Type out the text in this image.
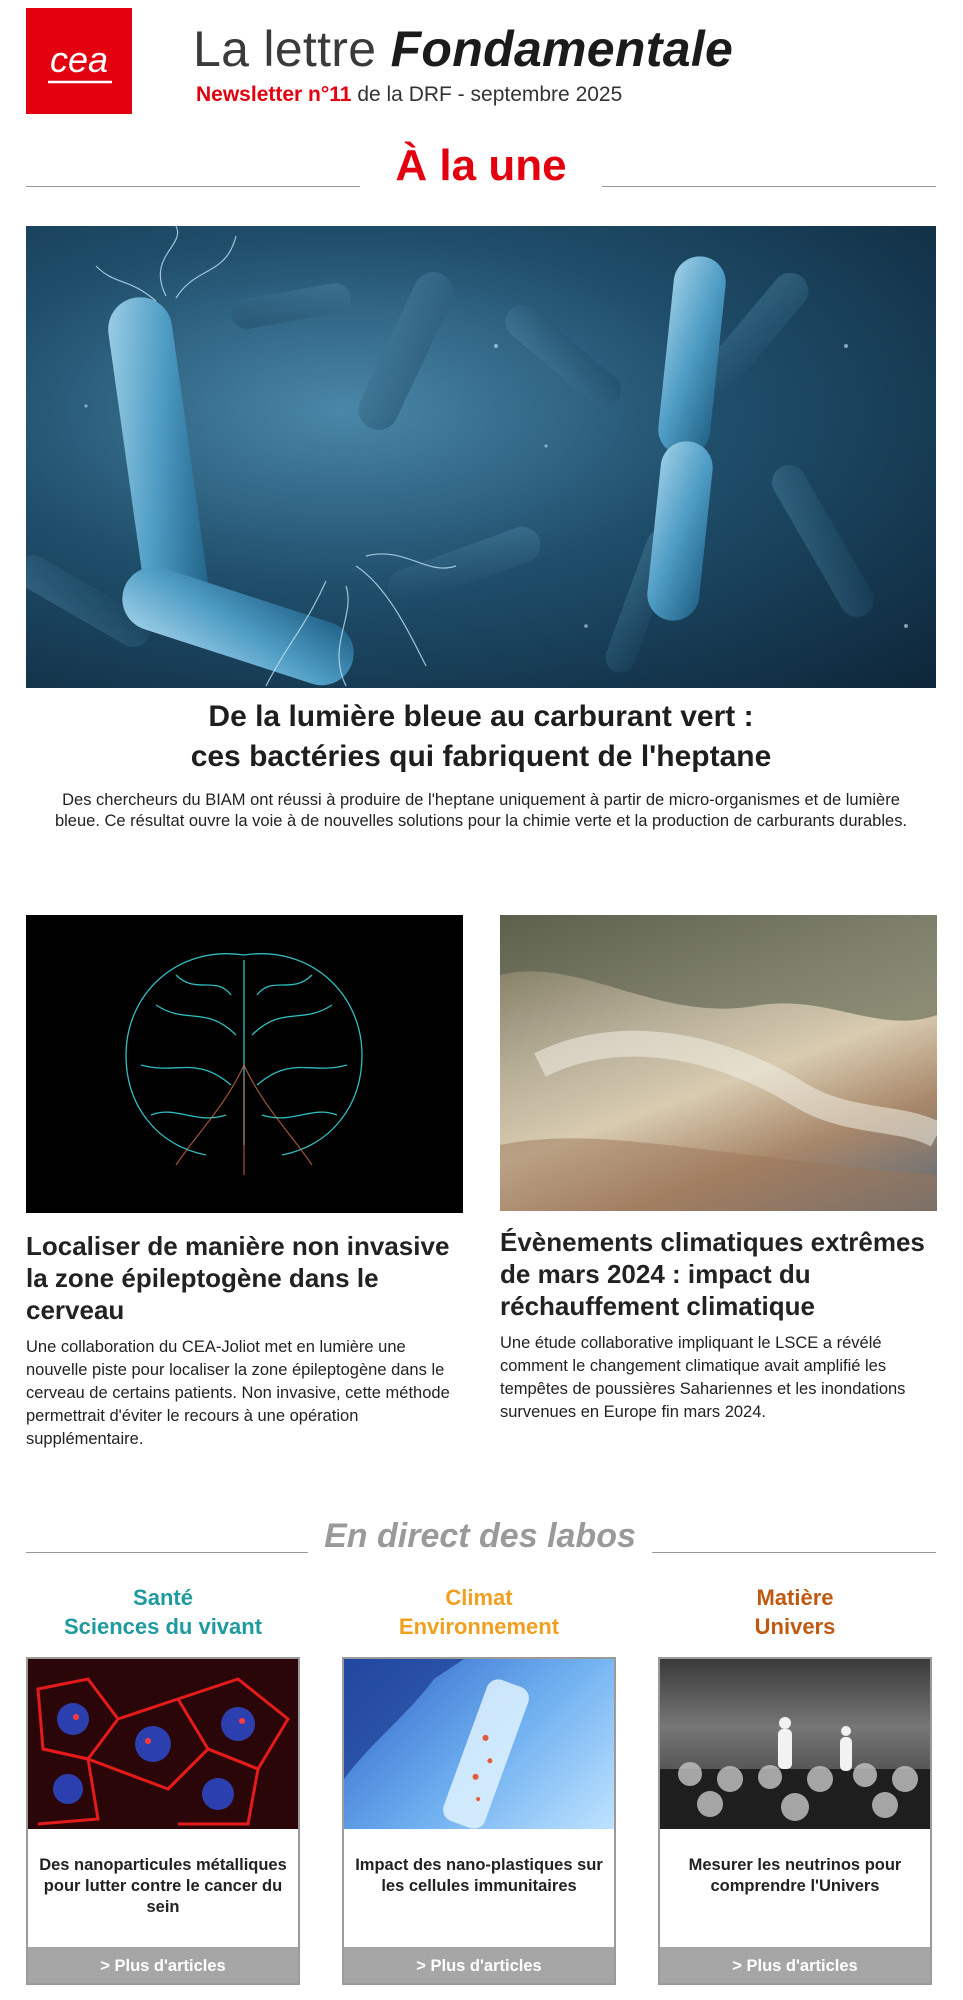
cea La lettre Fondamentale
Newsletter n°11 de la DRF - septembre 2025
À la une
De la lumière bleue au carburant vert :
ces bactéries qui fabriquent de l'heptane
Des chercheurs du BIAM ont réussi à produire de l'heptane uniquement à partir de micro-organismes et de lumière bleue. Ce résultat ouvre la voie à de nouvelles solutions pour la chimie verte et la production de carburants durables.
Localiser de manière non invasive la zone épileptogène dans le cerveau
Une collaboration du CEA-Joliot met en lumière une nouvelle piste pour localiser la zone épileptogène dans le cerveau de certains patients. Non invasive, cette méthode permettrait d'éviter le recours à une opération supplémentaire.
Évènements climatiques extrêmes de mars 2024 : impact du réchauffement climatique
Une étude collaborative impliquant le LSCE a révélé comment le changement climatique avait amplifié les tempêtes de poussières Sahariennes et les inondations survenues en Europe fin mars 2024.
En direct des labos
Santé
Sciences du vivant
Climat
Environnement
Matière
Univers
Des nanoparticules métalliques pour lutter contre le cancer du sein
> Plus d'articles
Impact des nano-plastiques sur les cellules immunitaires
> Plus d'articles
Mesurer les neutrinos pour comprendre l'Univers
> Plus d'articles
